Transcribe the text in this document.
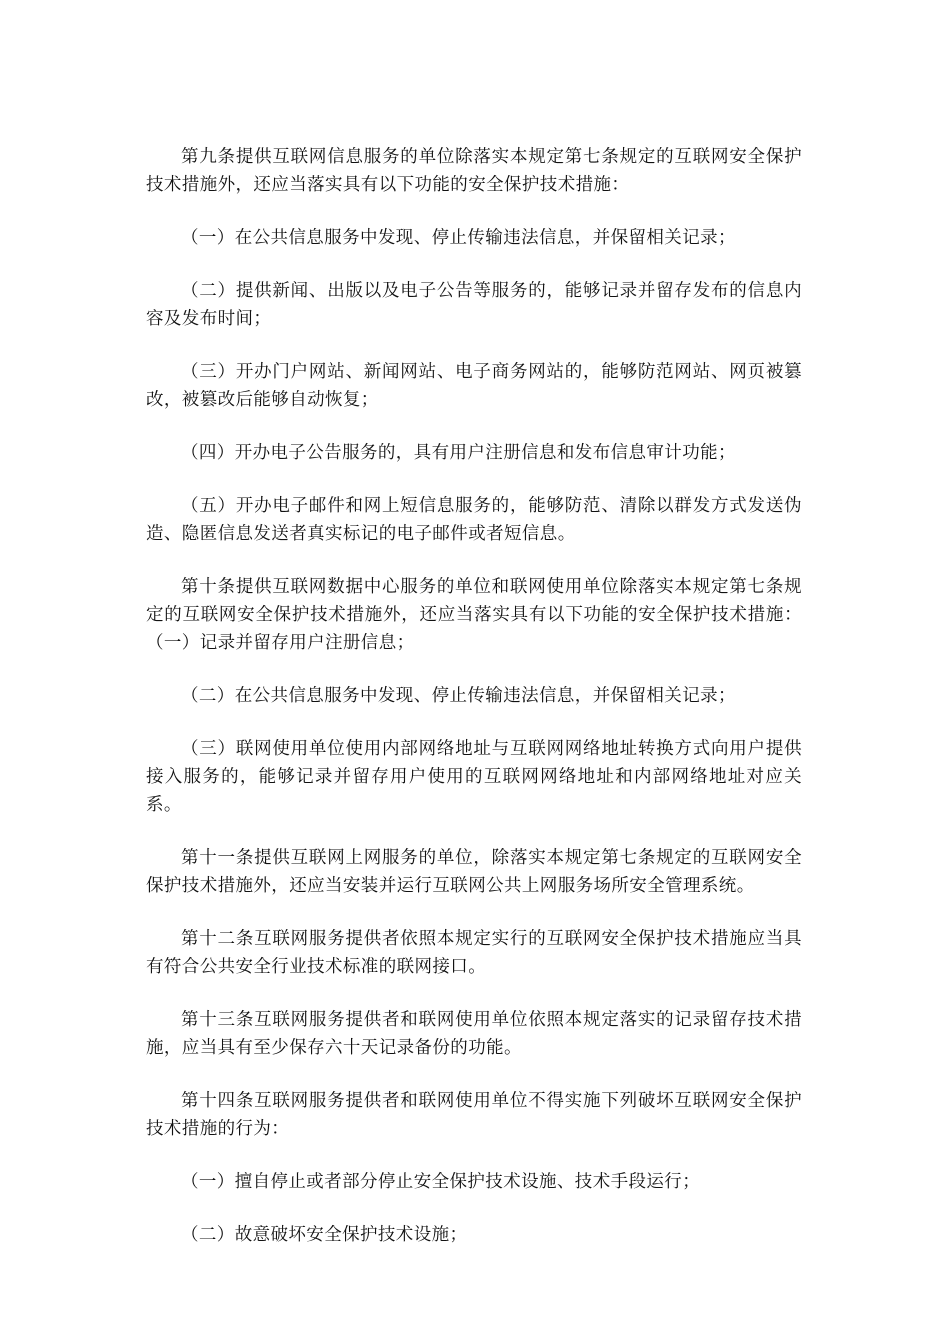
第九条提供互联网信息服务的单位除落实本规定第七条规定的互联网安全保护技术措施外，还应当落实具有以下功能的安全保护技术措施：

（一）在公共信息服务中发现、停止传输违法信息，并保留相关记录；

（二）提供新闻、出版以及电子公告等服务的，能够记录并留存发布的信息内容及发布时间；

（三）开办门户网站、新闻网站、电子商务网站的，能够防范网站、网页被篡改，被篡改后能够自动恢复；

（四）开办电子公告服务的，具有用户注册信息和发布信息审计功能；

（五）开办电子邮件和网上短信息服务的，能够防范、清除以群发方式发送伪造、隐匿信息发送者真实标记的电子邮件或者短信息。

第十条提供互联网数据中心服务的单位和联网使用单位除落实本规定第七条规定的互联网安全保护技术措施外，还应当落实具有以下功能的安全保护技术措施：（一）记录并留存用户注册信息；

（二）在公共信息服务中发现、停止传输违法信息，并保留相关记录；

（三）联网使用单位使用内部网络地址与互联网网络地址转换方式向用户提供接入服务的，能够记录并留存用户使用的互联网网络地址和内部网络地址对应关系。

第十一条提供互联网上网服务的单位，除落实本规定第七条规定的互联网安全保护技术措施外，还应当安装并运行互联网公共上网服务场所安全管理系统。

第十二条互联网服务提供者依照本规定实行的互联网安全保护技术措施应当具有符合公共安全行业技术标准的联网接口。

第十三条互联网服务提供者和联网使用单位依照本规定落实的记录留存技术措施，应当具有至少保存六十天记录备份的功能。

第十四条互联网服务提供者和联网使用单位不得实施下列破坏互联网安全保护技术措施的行为：

（一）擅自停止或者部分停止安全保护技术设施、技术手段运行；

（二）故意破坏安全保护技术设施；
